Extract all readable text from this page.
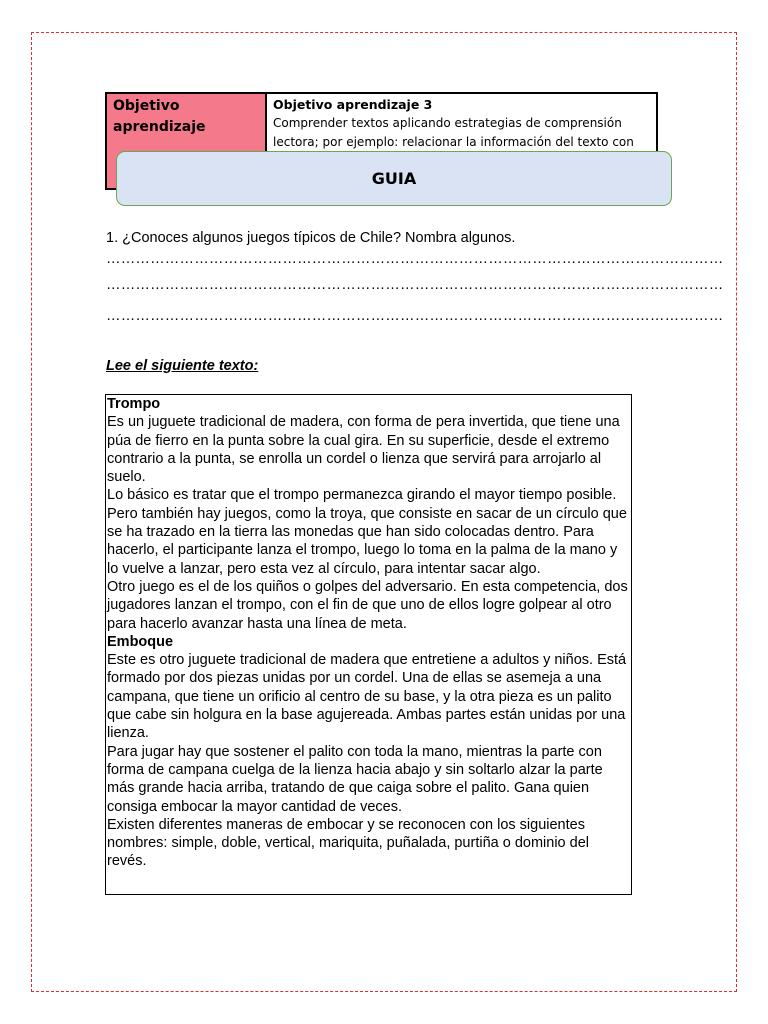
Objetivo aprendizaje
Objetivo aprendizaje 3
Comprender textos aplicando estrategias de comprensión lectora; por ejemplo: relacionar la información del texto con
GUIA
1. ¿Conoces algunos juegos típicos de Chile? Nombra algunos.
………………………………………………………………………………………………………………
………………………………………………………………………………………………………………
………………………………………………………………………………………………………………
Lee el siguiente texto:

Trompo

Es un juguete tradicional de madera, con forma de pera invertida, que tiene una púa de fierro en la punta sobre la cual gira. En su superficie, desde el extremo contrario a la punta, se enrolla un cordel o lienza que servirá para arrojarlo al suelo.

Lo básico es tratar que el trompo permanezca girando el mayor tiempo posible. Pero también hay juegos, como la troya, que consiste en sacar de un círculo que se ha trazado en la tierra las monedas que han sido colocadas dentro. Para hacerlo, el participante lanza el trompo, luego lo toma en la palma de la mano y lo vuelve a lanzar, pero esta vez al círculo, para intentar sacar algo.

Otro juego es el de los quiños o golpes del adversario. En esta competencia, dos jugadores lanzan el trompo, con el fin de que uno de ellos logre golpear al otro para hacerlo avanzar hasta una línea de meta.

Emboque

Este es otro juguete tradicional de madera que entretiene a adultos y niños. Está formado por dos piezas unidas por un cordel. Una de ellas se asemeja a una campana, que tiene un orificio al centro de su base, y la otra pieza es un palito que cabe sin holgura en la base agujereada. Ambas partes están unidas por una lienza.

Para jugar hay que sostener el palito con toda la mano, mientras la parte con forma de campana cuelga de la lienza hacia abajo y sin soltarlo alzar la parte más grande hacia arriba, tratando de que caiga sobre el palito. Gana quien consiga embocar la mayor cantidad de veces.

Existen diferentes maneras de embocar y se reconocen con los siguientes nombres: simple, doble, vertical, mariquita, puñalada, purtiña o dominio del revés.
